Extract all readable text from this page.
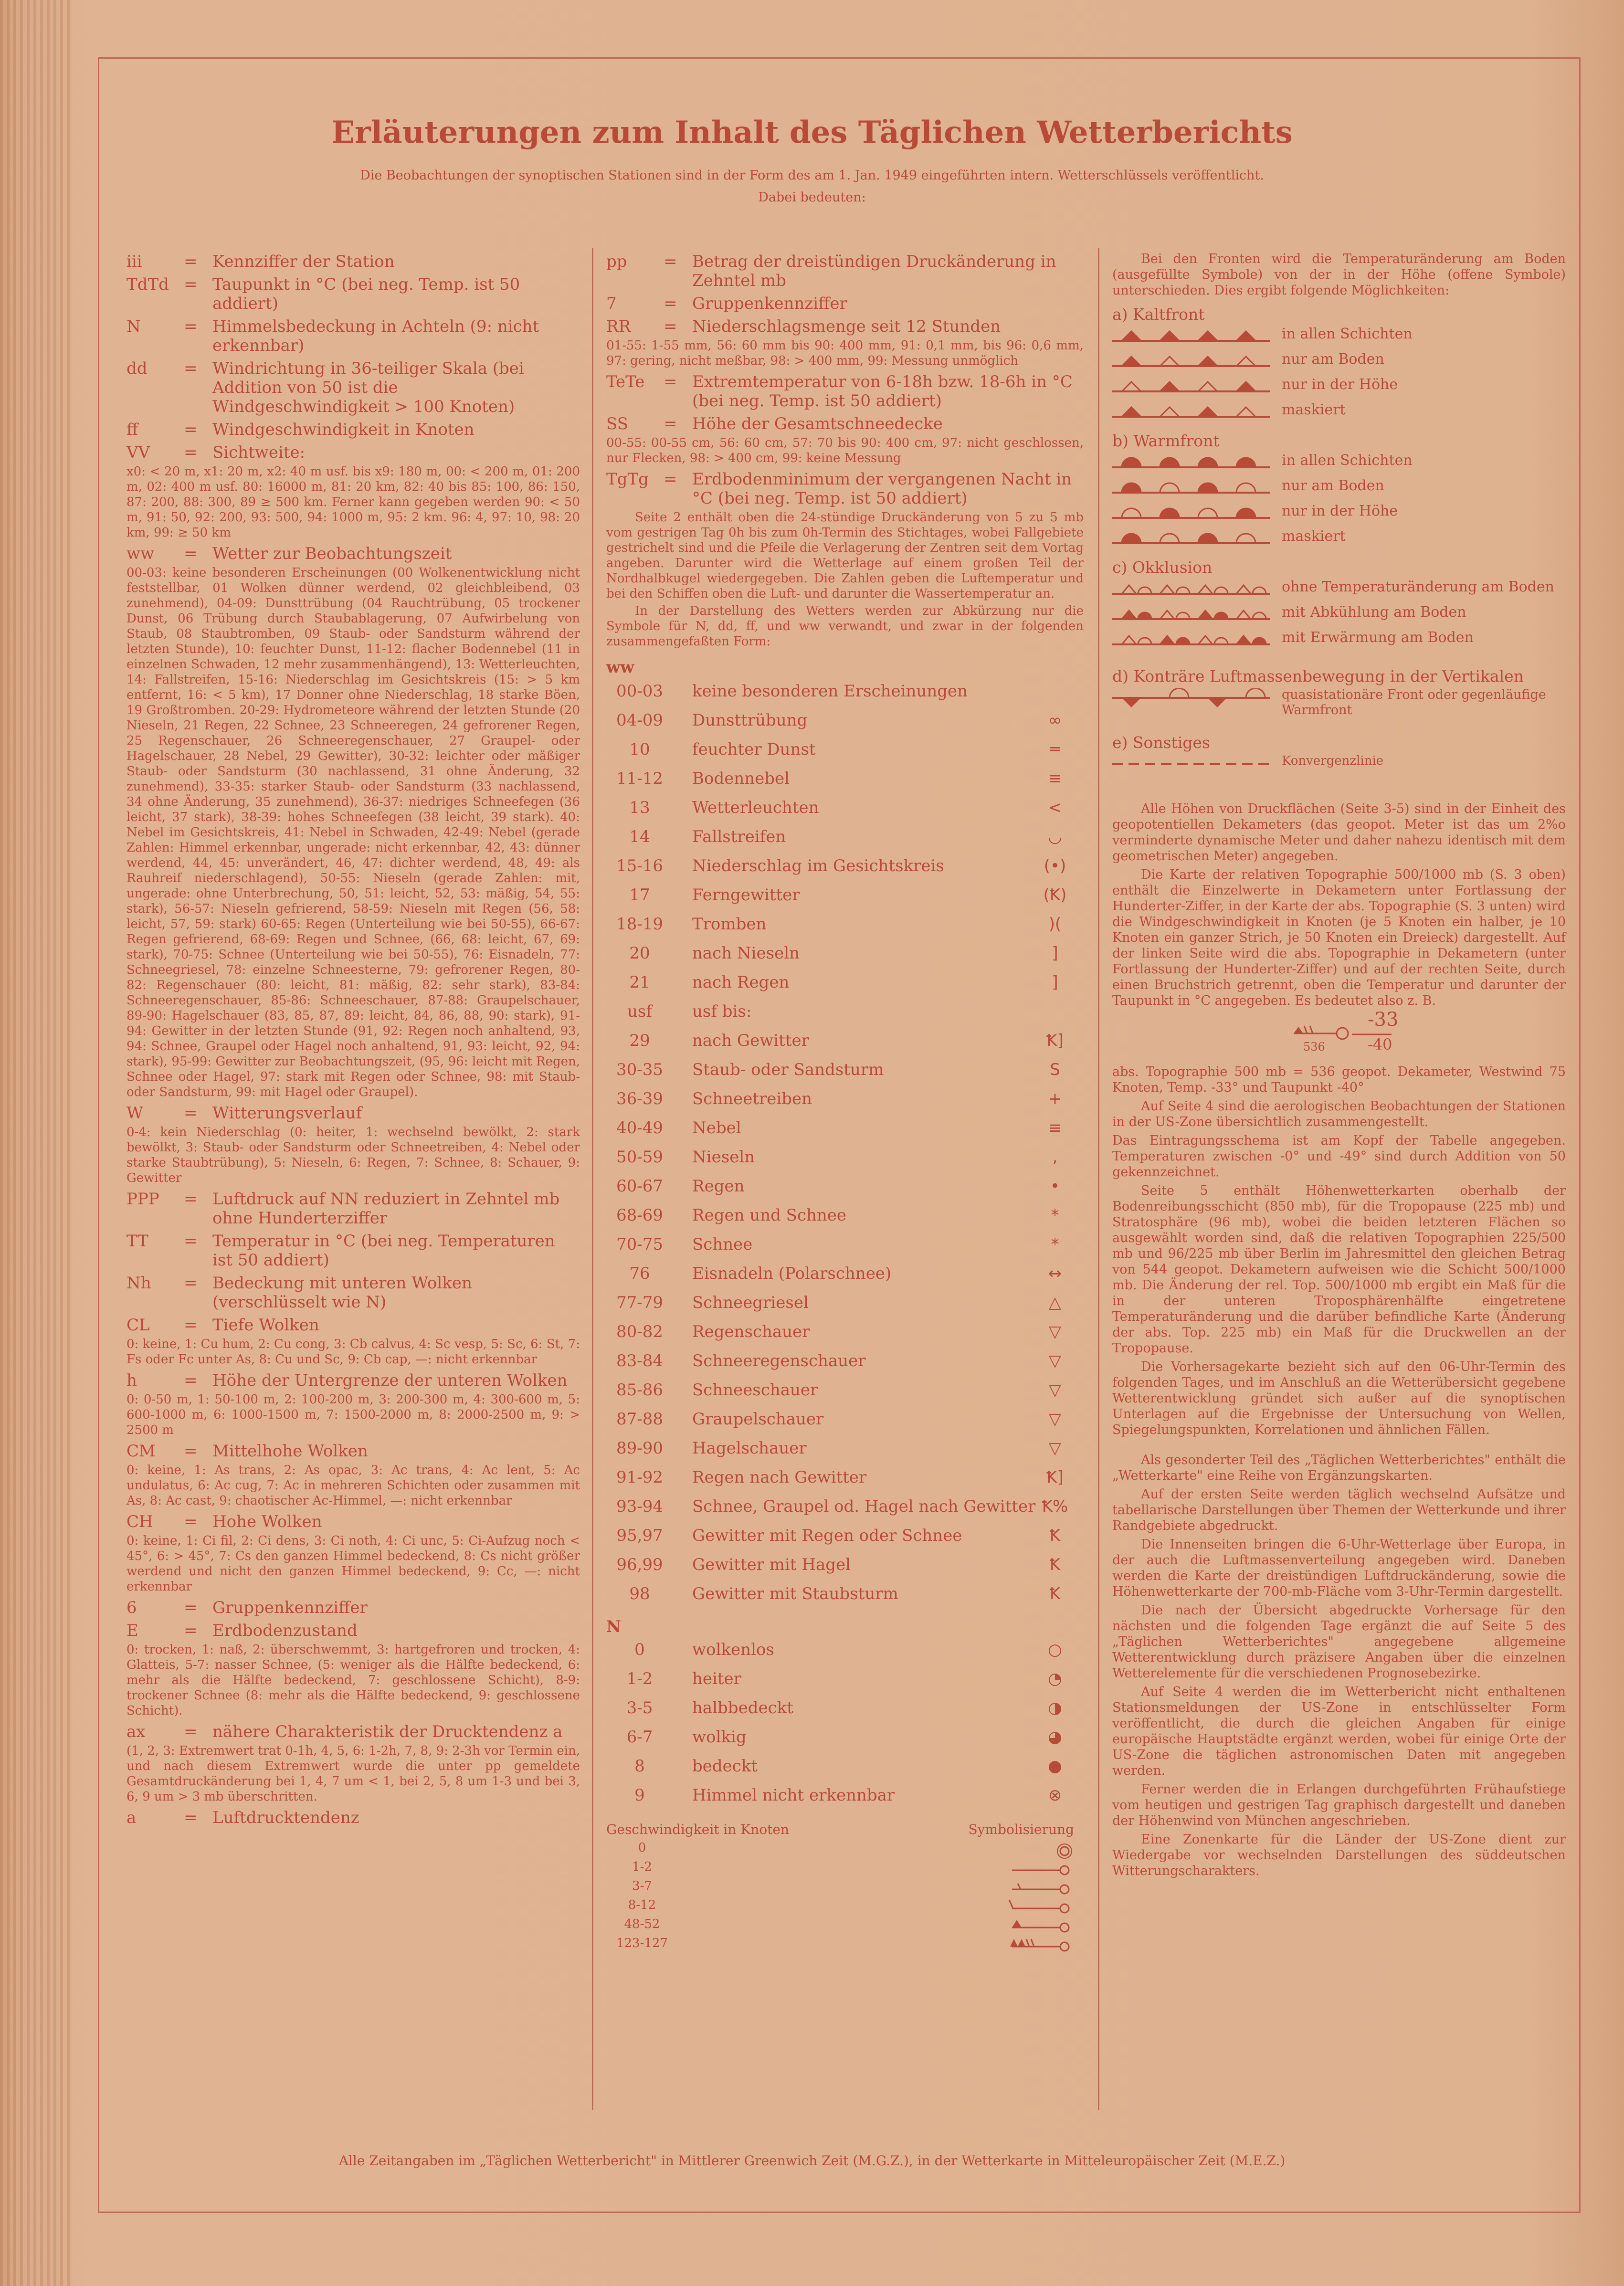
Erläuterungen zum Inhalt des Täglichen Wetterberichts
Die Beobachtungen der synoptischen Stationen sind in der Form des am 1. Jan. 1949 eingeführten intern. Wetterschlüssels veröffentlicht.
Dabei bedeuten:
iii	= Kennziffer der Station
TdTd = Taupunkt in °C (bei neg. Temp. ist 50 addiert)
N	= Himmelsbedeckung in Achteln (9: nicht erkennbar)
dd	= Windrichtung in 36-teiliger Skala (bei Addition von 50 ist die Windgeschwindigkeit > 100 Knoten)
ff	= Windgeschwindigkeit in Knoten
VV	= Sichtweite:
x0: < 20 m, x1: 20 m, x2: 40 m usf. bis x9: 180 m, 00: < 200 m, 01: 200 m, 02: 400 m usf. 80: 16000 m, 81: 20 km, 82: 40 bis 85: 100, 86: 150, 87: 200, 88: 300, 89 ≥ 500 km. Ferner kann gegeben werden 90: < 50 m, 91: 50, 92: 200, 93: 500, 94: 1000 m, 95: 2 km. 96: 4, 97: 10, 98: 20 km, 99: ≥ 50 km
ww	= Wetter zur Beobachtungszeit
00-03: keine besonderen Erscheinungen (00 Wolkenentwicklung nicht feststellbar, 01 Wolken dünner werdend, 02 gleichbleibend, 03 zunehmend), 04-09: Dunsttrübung (04 Rauchtrübung, 05 trockener Dunst, 06 Trübung durch Staubablagerung, 07 Aufwirbelung von Staub, 08 Staubtromben, 09 Staub- oder Sandsturm während der letzten Stunde), 10: feuchter Dunst, 11-12: flacher Bodennebel (11 in einzelnen Schwaden, 12 mehr zusammenhängend), 13: Wetterleuchten, 14: Fallstreifen, 15-16: Niederschlag im Gesichtskreis (15: > 5 km entfernt, 16: < 5 km), 17 Donner ohne Niederschlag, 18 starke Böen, 19 Großtromben. 20-29: Hydrometeore während der letzten Stunde (20 Nieseln, 21 Regen, 22 Schnee, 23 Schneeregen, 24 gefrorener Regen, 25 Regenschauer, 26 Schneeregenschauer, 27 Graupel- oder Hagelschauer, 28 Nebel, 29 Gewitter), 30-32: leichter oder mäßiger Staub- oder Sandsturm (30 nachlassend, 31 ohne Änderung, 32 zunehmend), 33-35: starker Staub- oder Sandsturm (33 nachlassend, 34 ohne Änderung, 35 zunehmend), 36-37: niedriges Schneefegen (36 leicht, 37 stark), 38-39: hohes Schneefegen (38 leicht, 39 stark). 40: Nebel im Gesichtskreis, 41: Nebel in Schwaden, 42-49: Nebel (gerade Zahlen: Himmel erkennbar, ungerade: nicht erkennbar, 42, 43: dünner werdend, 44, 45: unverändert, 46, 47: dichter werdend, 48, 49: als Rauhreif niederschlagend), 50-55: Nieseln (gerade Zahlen: mit, ungerade: ohne Unterbrechung, 50, 51: leicht, 52, 53: mäßig, 54, 55: stark), 56-57: Nieseln gefrierend, 58-59: Nieseln mit Regen (56, 58: leicht, 57, 59: stark) 60-65: Regen (Unterteilung wie bei 50-55), 66-67: Regen gefrierend, 68-69: Regen und Schnee, (66, 68: leicht, 67, 69: stark), 70-75: Schnee (Unterteilung wie bei 50-55), 76: Eisnadeln, 77: Schneegriesel, 78: einzelne Schneesterne, 79: gefrorener Regen, 80-82: Regenschauer (80: leicht, 81: mäßig, 82: sehr stark), 83-84: Schneeregenschauer, 85-86: Schneeschauer, 87-88: Graupelschauer, 89-90: Hagelschauer (83, 85, 87, 89: leicht, 84, 86, 88, 90: stark), 91-94: Gewitter in der letzten Stunde (91, 92: Regen noch anhaltend, 93, 94: Schnee, Graupel oder Hagel noch anhaltend, 91, 93: leicht, 92, 94: stark), 95-99: Gewitter zur Beobachtungszeit, (95, 96: leicht mit Regen, Schnee oder Hagel, 97: stark mit Regen oder Schnee, 98: mit Staub- oder Sandsturm, 99: mit Hagel oder Graupel).
W	= Witterungsverlauf
0-4: kein Niederschlag (0: heiter, 1: wechselnd bewölkt, 2: stark bewölkt, 3: Staub- oder Sandsturm oder Schneetreiben, 4: Nebel oder starke Staubtrübung), 5: Nieseln, 6: Regen, 7: Schnee, 8: Schauer, 9: Gewitter
PPP	= Luftdruck auf NN reduziert in Zehntel mb ohne Hunderterziffer
TT	= Temperatur in °C (bei neg. Temperaturen ist 50 addiert)
Nh	= Bedeckung mit unteren Wolken (verschlüsselt wie N)
CL	= Tiefe Wolken
0: keine, 1: Cu hum, 2: Cu cong, 3: Cb calvus, 4: Sc vesp, 5: Sc, 6: St, 7: Fs oder Fc unter As, 8: Cu und Sc, 9: Cb cap, —: nicht erkennbar
h	= Höhe der Untergrenze der unteren Wolken
0: 0-50 m, 1: 50-100 m, 2: 100-200 m, 3: 200-300 m, 4: 300-600 m, 5: 600-1000 m, 6: 1000-1500 m, 7: 1500-2000 m, 8: 2000-2500 m, 9: > 2500 m
CM	= Mittelhohe Wolken
0: keine, 1: As trans, 2: As opac, 3: Ac trans, 4: Ac lent, 5: Ac undulatus, 6: Ac cug, 7: Ac in mehreren Schichten oder zusammen mit As, 8: Ac cast, 9: chaotischer Ac-Himmel, —: nicht erkennbar
CH	= Hohe Wolken
0: keine, 1: Ci fil, 2: Ci dens, 3: Ci noth, 4: Ci unc, 5: Ci-Aufzug noch < 45°, 6: > 45°, 7: Cs den ganzen Himmel bedeckend, 8: Cs nicht größer werdend und nicht den ganzen Himmel bedeckend, 9: Cc, —: nicht erkennbar
6	= Gruppenkennziffer
E	= Erdbodenzustand
0: trocken, 1: naß, 2: überschwemmt, 3: hartgefroren und trocken, 4: Glatteis, 5-7: nasser Schnee, (5: weniger als die Hälfte bedeckend, 6: mehr als die Hälfte bedeckend, 7: geschlossene Schicht), 8-9: trockener Schnee (8: mehr als die Hälfte bedeckend, 9: geschlossene Schicht).
ax	= nähere Charakteristik der Drucktendenz a
(1, 2, 3: Extremwert trat 0-1h, 4, 5, 6: 1-2h, 7, 8, 9: 2-3h vor Termin ein, und nach diesem Extremwert wurde die unter pp gemeldete Gesamtdruckänderung bei 1, 4, 7 um < 1, bei 2, 5, 8 um 1-3 und bei 3, 6, 9 um > 3 mb überschritten.
a	= Luftdrucktendenz
pp	= Betrag der dreistündigen Druckänderung in Zehntel mb
7	= Gruppenkennziffer
RR	= Niederschlagsmenge seit 12 Stunden
01-55: 1-55 mm, 56: 60 mm bis 90: 400 mm, 91: 0,1 mm, bis 96: 0,6 mm, 97: gering, nicht meßbar, 98: > 400 mm, 99: Messung unmöglich
TeTe	= Extremtemperatur von 6-18h bzw. 18-6h in °C (bei neg. Temp. ist 50 addiert)
SS	= Höhe der Gesamtschneedecke
00-55: 00-55 cm, 56: 60 cm, 57: 70 bis 90: 400 cm, 97: nicht geschlossen, nur Flecken, 98: > 400 cm, 99: keine Messung
TgTg = Erdbodenminimum der vergangenen Nacht in °C (bei neg. Temp. ist 50 addiert)
Seite 2 enthält oben die 24-stündige Druckänderung von 5 zu 5 mb vom gestrigen Tag 0h bis zum 0h-Termin des Stichtages, wobei Fallgebiete gestrichelt sind und die Pfeile die Verlagerung der Zentren seit dem Vortag angeben. Darunter wird die Wetterlage auf einem großen Teil der Nordhalbkugel wiedergegeben. Die Zahlen geben die Luftemperatur und bei den Schiffen oben die Luft- und darunter die Wassertemperatur an.
In der Darstellung des Wetters werden zur Abkürzung nur die Symbole für N, dd, ff, und ww verwandt, und zwar in der folgenden zusammengefaßten Form:
ww
00-03	keine besonderen Erscheinungen
04-09	Dunsttrübung	∞
10	feuchter Dunst	═
11-12	Bodennebel	≡
13	Wetterleuchten	<
14	Fallstreifen	◡
15-16	Niederschlag im Gesichtskreis	(•)
17	Ferngewitter	(Ꝁ)
18-19	Tromben	)(
20	nach Nieseln	]
21	nach Regen	]
usf	usf bis:
29	nach Gewitter	Ꝁ]
30-35	Staub- oder Sandsturm	S
36-39	Schneetreiben	+
40-49	Nebel	≡
50-59	Nieseln	,
60-67	Regen	•
68-69	Regen und Schnee	*
70-75	Schnee	*
76	Eisnadeln (Polarschnee)	↔
77-79	Schneegriesel	△
80-82	Regenschauer	▽
83-84	Schneeregenschauer	▽
85-86	Schneeschauer	▽
87-88	Graupelschauer	▽
89-90	Hagelschauer	▽
91-92	Regen nach Gewitter	Ꝁ]
93-94	Schnee, Graupel od. Hagel nach Gewitter Ꝁ%
95,97	Gewitter mit Regen oder Schnee	Ꝁ
96,99	Gewitter mit Hagel	Ꝁ
98	Gewitter mit Staubsturm	Ꝁ
N
0	wolkenlos	○
1-2	heiter	◔
3-5	halbbedeckt	◑
6-7	wolkig	◕
8	bedeckt	●
9	Himmel nicht erkennbar	⊗
Geschwindigkeit in Knoten	Symbolisierung
0
1-2
3-7
8-12
48-52
123-127
Bei den Fronten wird die Temperaturänderung am Boden (ausgefüllte Symbole) von der in der Höhe (offene Symbole) unterschieden. Dies ergibt folgende Möglichkeiten:
a) Kaltfront
in allen Schichten
nur am Boden
nur in der Höhe
maskiert
b) Warmfront
in allen Schichten
nur am Boden
nur in der Höhe
maskiert
c) Okklusion
ohne Temperaturänderung am Boden
mit Abkühlung am Boden
mit Erwärmung am Boden
d) Konträre Luftmassenbewegung in der Vertikalen
quasistationäre Front oder gegenläufige Warmfront
e) Sonstiges
Konvergenzlinie
Alle Höhen von Druckflächen (Seite 3-5) sind in der Einheit des geopotentiellen Dekameters (das geopot. Meter ist das um 2%o verminderte dynamische Meter und daher nahezu identisch mit dem geometrischen Meter) angegeben.
Die Karte der relativen Topographie 500/1000 mb (S. 3 oben) enthält die Einzelwerte in Dekametern unter Fortlassung der Hunderter-Ziffer, in der Karte der abs. Topographie (S. 3 unten) wird die Windgeschwindigkeit in Knoten (je 5 Knoten ein halber, je 10 Knoten ein ganzer Strich, je 50 Knoten ein Dreieck) dargestellt. Auf der linken Seite wird die abs. Topographie in Dekametern (unter Fortlassung der Hunderter-Ziffer) und auf der rechten Seite, durch einen Bruchstrich getrennt, oben die Temperatur und darunter der Taupunkt in °C angegeben. Es bedeutet also z. B.
536
-33
-40
abs. Topographie 500 mb = 536 geopot. Dekameter, Westwind 75 Knoten, Temp. -33° und Taupunkt -40°
Auf Seite 4 sind die aerologischen Beobachtungen der Stationen in der US-Zone übersichtlich zusammengestellt.
Das Eintragungsschema ist am Kopf der Tabelle angegeben. Temperaturen zwischen -0° und -49° sind durch Addition von 50 gekennzeichnet.
Seite 5 enthält Höhenwetterkarten oberhalb der Bodenreibungsschicht (850 mb), für die Tropopause (225 mb) und Stratosphäre (96 mb), wobei die beiden letzteren Flächen so ausgewählt worden sind, daß die relativen Topographien 225/500 mb und 96/225 mb über Berlin im Jahresmittel den gleichen Betrag von 544 geopot. Dekametern aufweisen wie die Schicht 500/1000 mb. Die Änderung der rel. Top. 500/1000 mb ergibt ein Maß für die in der unteren Troposphärenhälfte eingetretene Temperaturänderung und die darüber befindliche Karte (Änderung der abs. Top. 225 mb) ein Maß für die Druckwellen an der Tropopause.
Die Vorhersagekarte bezieht sich auf den 06-Uhr-Termin des folgenden Tages, und im Anschluß an die Wetterübersicht gegebene Wetterentwicklung gründet sich außer auf die synoptischen Unterlagen auf die Ergebnisse der Untersuchung von Wellen, Spiegelungspunkten, Korrelationen und ähnlichen Fällen.
Als gesonderter Teil des „Täglichen Wetterberichtes" enthält die „Wetterkarte" eine Reihe von Ergänzungskarten.
Auf der ersten Seite werden täglich wechselnd Aufsätze und tabellarische Darstellungen über Themen der Wetterkunde und ihrer Randgebiete abgedruckt.
Die Innenseiten bringen die 6-Uhr-Wetterlage über Europa, in der auch die Luftmassenverteilung angegeben wird. Daneben werden die Karte der dreistündigen Luftdruckänderung, sowie die Höhenwetterkarte der 700-mb-Fläche vom 3-Uhr-Termin dargestellt.
Die nach der Übersicht abgedruckte Vorhersage für den nächsten und die folgenden Tage ergänzt die auf Seite 5 des „Täglichen Wetterberichtes" angegebene allgemeine Wetterentwicklung durch präzisere Angaben über die einzelnen Wetterelemente für die verschiedenen Prognosebezirke.
Auf Seite 4 werden die im Wetterbericht nicht enthaltenen Stationsmeldungen der US-Zone in entschlüsselter Form veröffentlicht, die durch die gleichen Angaben für einige europäische Hauptstädte ergänzt werden, wobei für einige Orte der US-Zone die täglichen astronomischen Daten mit angegeben werden.
Ferner werden die in Erlangen durchgeführten Frühaufstiege vom heutigen und gestrigen Tag graphisch dargestellt und daneben der Höhenwind von München angeschrieben.
Eine Zonenkarte für die Länder der US-Zone dient zur Wiedergabe vor wechselnden Darstellungen des süddeutschen Witterungscharakters.
Alle Zeitangaben im „Täglichen Wetterbericht" in Mittlerer Greenwich Zeit (M.G.Z.), in der Wetterkarte in Mitteleuropäischer Zeit (M.E.Z.)
